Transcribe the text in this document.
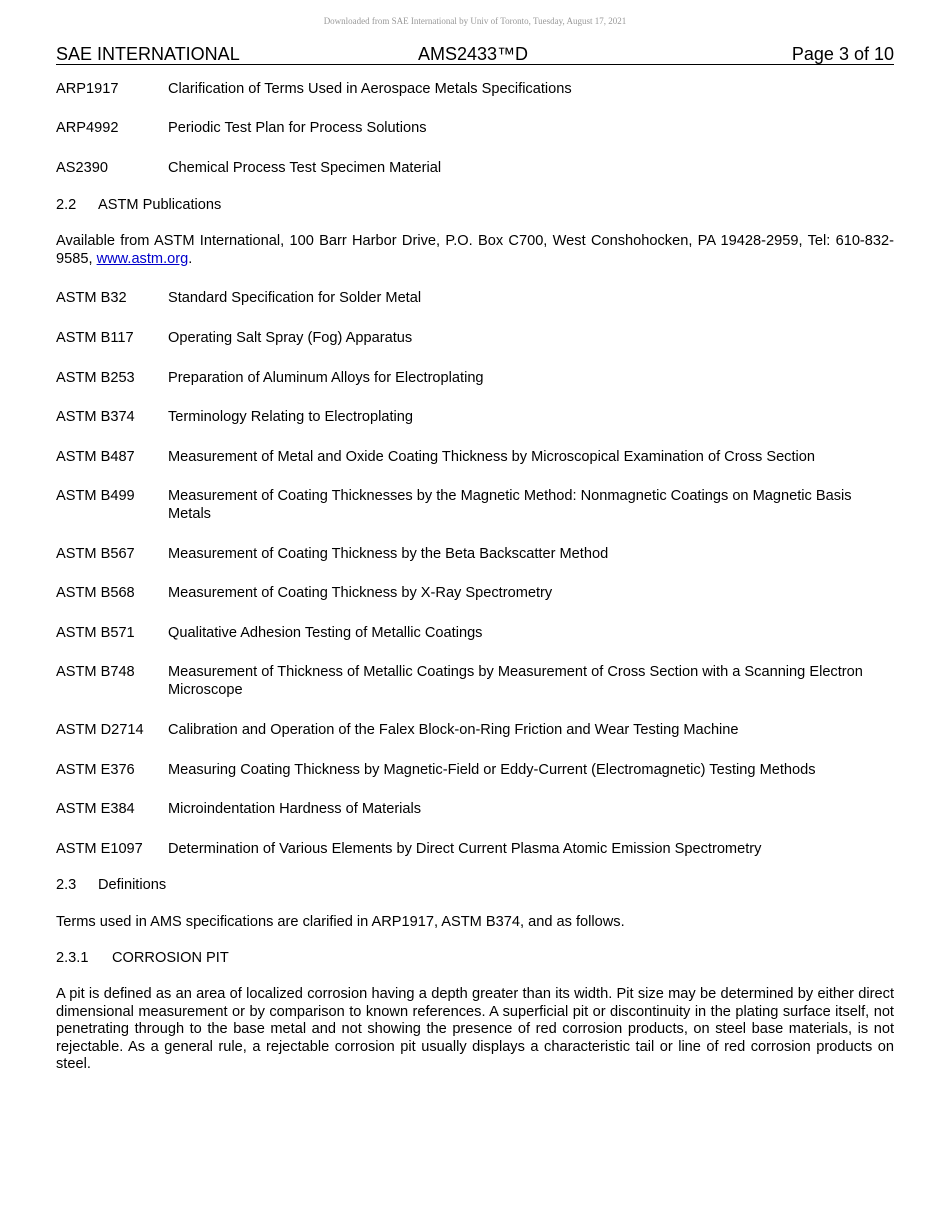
Downloaded from SAE International by Univ of Toronto, Tuesday, August 17, 2021
SAE INTERNATIONAL	AMS2433™D	Page 3 of 10
ARP1917	Clarification of Terms Used in Aerospace Metals Specifications
ARP4992	Periodic Test Plan for Process Solutions
AS2390	Chemical Process Test Specimen Material
2.2 ASTM Publications
Available from ASTM International, 100 Barr Harbor Drive, P.O. Box C700, West Conshohocken, PA 19428-2959, Tel: 610-832-9585, www.astm.org.
ASTM B32	Standard Specification for Solder Metal
ASTM B117 Operating Salt Spray (Fog) Apparatus
ASTM B253 Preparation of Aluminum Alloys for Electroplating
ASTM B374 Terminology Relating to Electroplating
ASTM B487 Measurement of Metal and Oxide Coating Thickness by Microscopical Examination of Cross Section
ASTM B499 Measurement of Coating Thicknesses by the Magnetic Method: Nonmagnetic Coatings on Magnetic Basis Metals
ASTM B567 Measurement of Coating Thickness by the Beta Backscatter Method
ASTM B568 Measurement of Coating Thickness by X-Ray Spectrometry
ASTM B571 Qualitative Adhesion Testing of Metallic Coatings
ASTM B748 Measurement of Thickness of Metallic Coatings by Measurement of Cross Section with a Scanning Electron Microscope
ASTM D2714 Calibration and Operation of the Falex Block-on-Ring Friction and Wear Testing Machine
ASTM E376 Measuring Coating Thickness by Magnetic-Field or Eddy-Current (Electromagnetic) Testing Methods
ASTM E384 Microindentation Hardness of Materials
ASTM E1097 Determination of Various Elements by Direct Current Plasma Atomic Emission Spectrometry
2.3 Definitions
Terms used in AMS specifications are clarified in ARP1917, ASTM B374, and as follows.
2.3.1 CORROSION PIT
A pit is defined as an area of localized corrosion having a depth greater than its width. Pit size may be determined by either direct dimensional measurement or by comparison to known references. A superficial pit or discontinuity in the plating surface itself, not penetrating through to the base metal and not showing the presence of red corrosion products, on steel base materials, is not rejectable. As a general rule, a rejectable corrosion pit usually displays a characteristic tail or line of red corrosion products on steel.
